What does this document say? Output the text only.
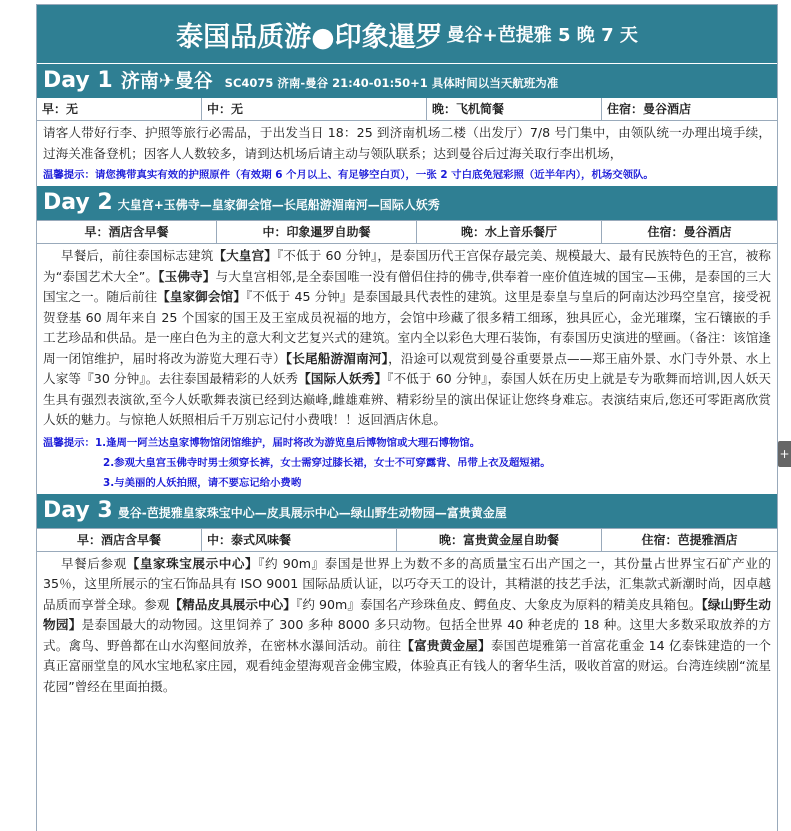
泰国品质游●印象暹罗 曼谷+芭提雅 5 晚 7 天
Day 1 济南✈曼谷 SC4075 济南-曼谷 21:40-01:50+1 具体时间以当天航班为准
早：无	中：无	晚：飞机简餐	住宿：曼谷酒店

请客人带好行李、护照等旅行必需品，于出发当日 18：25 到济南机场二楼（出发厅）7/8 号门集中，由领队统一办理出境手续，过海关准备登机；因客人人数较多，请到达机场后请主动与领队联系；达到曼谷后过海关取行李出机场，

温馨提示：请您携带真实有效的护照原件（有效期 6 个月以上、有足够空白页），一张 2 寸白底免冠彩照（近半年内），机场交领队。
Day 2 大皇宫+玉佛寺—皇家御会馆—长尾船游湄南河—国际人妖秀
早：酒店含早餐	中：印象暹罗自助餐	晚：水上音乐餐厅	住宿：曼谷酒店

早餐后，前往泰国标志建筑【大皇宫】『不低于 60 分钟』，是泰国历代王宫保存最完美、规模最大、最有民族特色的王宫，被称为“泰国艺术大全”。【玉佛寺】与大皇宫相邻,是全泰国唯一没有僧侣住持的佛寺,供奉着一座价值连城的国宝—玉佛，是泰国的三大国宝之一。随后前往【皇家御会馆】『不低于 45 分钟』是泰国最具代表性的建筑。这里是泰皇与皇后的阿南达沙玛空皇宫，接受祝贺登基 60 周年来自 25 个国家的国王及王室成员祝福的地方，会馆中珍藏了很多精工细琢，独具匠心，金光璀璨，宝石镶嵌的手工艺珍品和供品。是一座白色为主的意大利文艺复兴式的建筑。室内全以彩色大理石装饰，有泰国历史演进的壁画。（备注：该馆逢周一闭馆维护，届时将改为游览大理石寺）【长尾船游湄南河】，沿途可以观赏到曼谷重要景点——郑王庙外景、水门寺外景、水上人家等『30 分钟』。去往泰国最精彩的人妖秀【国际人妖秀】『不低于 60 分钟』，泰国人妖在历史上就是专为歌舞而培训,因人妖天生具有强烈表演欲,至今人妖歌舞表演已经到达巅峰,雌雄难辨、精彩纷呈的演出保证让您终身难忘。表演结束后,您还可零距离欣赏人妖的魅力。与惊艳人妖照相后千万别忘记付小费哦！！返回酒店休息。

温馨提示：1.逢周一阿兰达皇家博物馆闭馆维护，届时将改为游览皇后博物馆或大理石博物馆。
2.参观大皇宫玉佛寺时男士须穿长裤，女士需穿过膝长裙，女士不可穿露背、吊带上衣及超短裙。
3.与美丽的人妖拍照，请不要忘记给小费哟
Day 3 曼谷-芭提雅皇家珠宝中心—皮具展示中心—绿山野生动物园—富贵黄金屋
早：酒店含早餐	中：泰式风味餐	晚：富贵黄金屋自助餐	住宿：芭提雅酒店

早餐后参观【皇家珠宝展示中心】『约 90m』泰国是世界上为数不多的高质量宝石出产国之一，其份量占世界宝石矿产业的 35％，这里所展示的宝石饰品具有 ISO 9001 国际品质认证，以巧夺天工的设计，其精湛的技艺手法，汇集款式新潮时尚，因卓越品质而享誉全球。参观【精品皮具展示中心】『约 90m』泰国名产珍珠鱼皮、鳄鱼皮、大象皮为原料的精美皮具箱包。【绿山野生动物园】是泰国最大的动物园。这里饲养了 300 多种 8000 多只动物。包括全世界 40 种老虎的 18 种。这里大多数采取放养的方式。禽鸟、野兽都在山水沟壑间放养，在密林水瀑间活动。前往【富贵黄金屋】泰国芭堤雅第一首富花重金 14 亿泰铢建造的一个真正富丽堂皇的风水宝地私家庄园，观看纯金望海观音金佛宝殿，体验真正有钱人的奢华生活，吸收首富的财运。台湾连续剧“流星花园”曾经在里面拍摄。

+
